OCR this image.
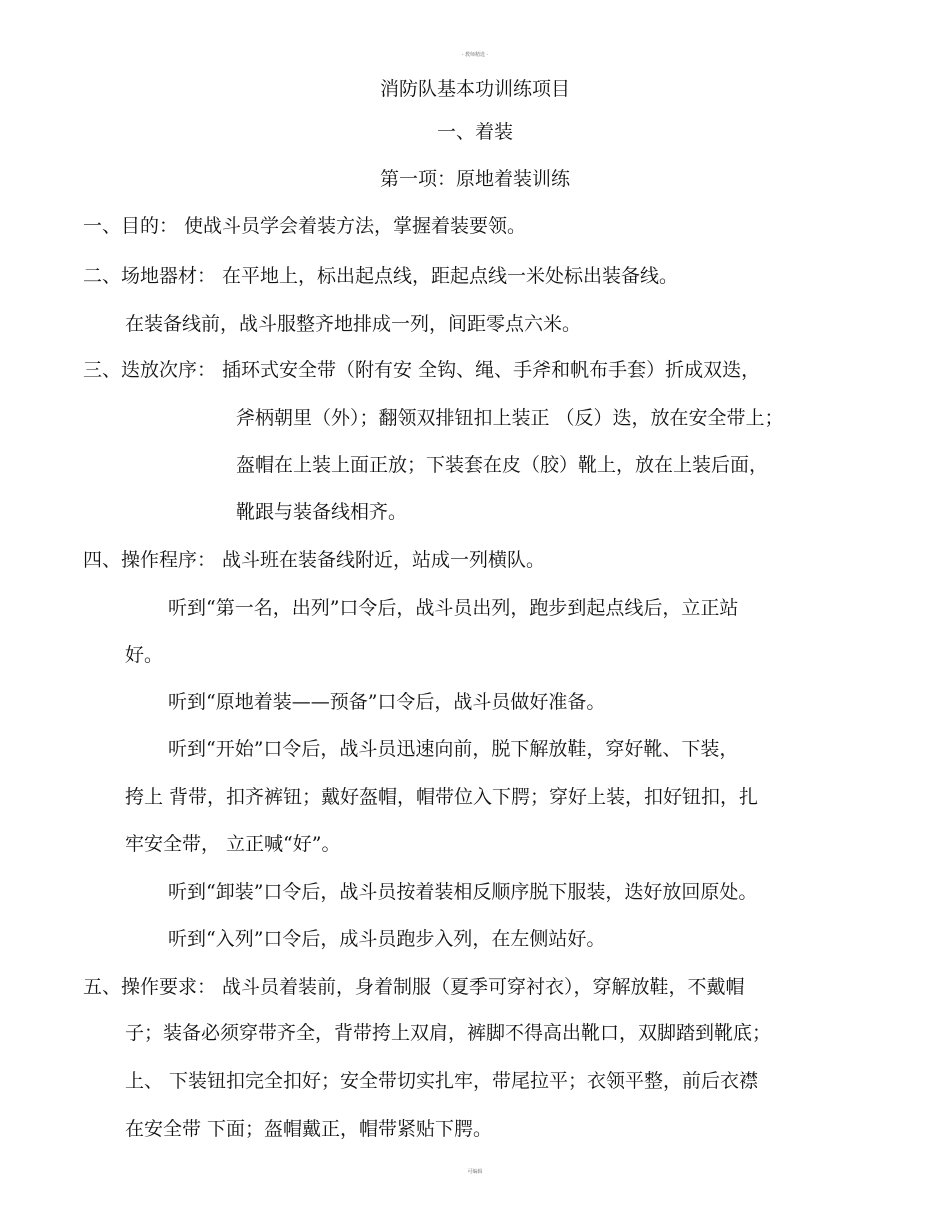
- 教师精选 -
消防队基本功训练项目
一、着装
第一项：原地着装训练
一、目的： 使战斗员学会着装方法，掌握着装要领。
二、场地器材： 在平地上，标出起点线，距起点线一米处标出装备线。
在装备线前，战斗服整齐地排成一列，间距零点六米。
三、迭放次序： 插环式安全带（附有安 全钩、绳、手斧和帆布手套）折成双迭，
斧柄朝里（外）；翻领双排钮扣上装正 （反）迭，放在安全带上；
盔帽在上装上面正放；下装套在皮（胶）靴上，放在上装后面，
靴跟与装备线相齐。
四、操作程序： 战斗班在装备线附近，站成一列横队。
听到“第一名，出列”口令后，战斗员出列，跑步到起点线后，立正站
好。
听到“原地着装——预备”口令后，战斗员做好准备。
听到“开始”口令后，战斗员迅速向前，脱下解放鞋，穿好靴、下装，
挎上 背带，扣齐裤钮；戴好盔帽，帽带位入下腭；穿好上装，扣好钮扣，扎
牢安全带， 立正喊“好”。
听到“卸装”口令后，战斗员按着装相反顺序脱下服装，迭好放回原处。
听到“入列”口令后，成斗员跑步入列，在左侧站好。
五、操作要求： 战斗员着装前，身着制服（夏季可穿衬衣），穿解放鞋，不戴帽
子；装备必须穿带齐全，背带挎上双肩，裤脚不得高出靴口，双脚踏到靴底；
上、 下装钮扣完全扣好；安全带切实扎牢，带尾拉平；衣领平整，前后衣襟
在安全带 下面；盔帽戴正，帽带紧贴下腭。
可编辑
